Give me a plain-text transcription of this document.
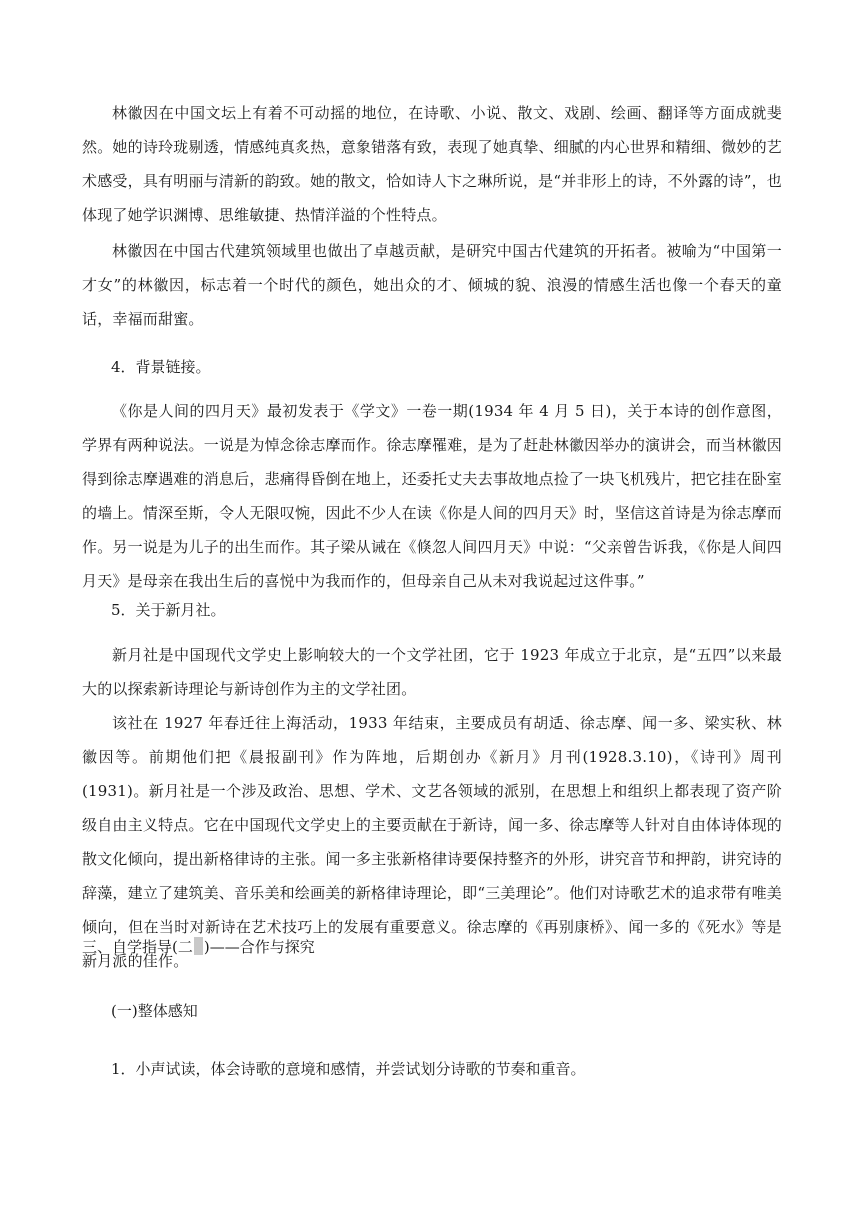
林徽因在中国文坛上有着不可动摇的地位，在诗歌、小说、散文、戏剧、绘画、翻译等方面成就斐然。她的诗玲珑剔透，情感纯真炙热，意象错落有致，表现了她真挚、细腻的内心世界和精细、微妙的艺术感受，具有明丽与清新的韵致。她的散文，恰如诗人卞之琳所说，是“并非形上的诗，不外露的诗”，也体现了她学识渊博、思维敏捷、热情洋溢的个性特点。

林徽因在中国古代建筑领域里也做出了卓越贡献，是研究中国古代建筑的开拓者。被喻为“中国第一才女”的林徽因，标志着一个时代的颜色，她出众的才、倾城的貌、浪漫的情感生活也像一个春天的童话，幸福而甜蜜。

4．背景链接。

《你是人间的四月天》最初发表于《学文》一卷一期(1934 年 4 月 5 日)，关于本诗的创作意图，学界有两种说法。一说是为悼念徐志摩而作。徐志摩罹难，是为了赶赴林徽因举办的演讲会，而当林徽因得到徐志摩遇难的消息后，悲痛得昏倒在地上，还委托丈夫去事故地点捡了一块飞机残片，把它挂在卧室的墙上。情深至斯，令人无限叹惋，因此不少人在读《你是人间的四月天》时，坚信这首诗是为徐志摩而作。另一说是为儿子的出生而作。其子梁从诫在《倏忽人间四月天》中说：“父亲曾告诉我，《你是人间四月天》是母亲在我出生后的喜悦中为我而作的，但母亲自己从未对我说起过这件事。”

5．关于新月社。

新月社是中国现代文学史上影响较大的一个文学社团，它于 1923 年成立于北京，是“五四”以来最大的以探索新诗理论与新诗创作为主的文学社团。

该社在 1927 年春迁往上海活动，1933 年结束，主要成员有胡适、徐志摩、闻一多、梁实秋、林徽因等。前期他们把《晨报副刊》作为阵地，后期创办《新月》月刊(1928.3.10)，《诗刊》周刊(1931)。新月社是一个涉及政治、思想、学术、文艺各领域的派别，在思想上和组织上都表现了资产阶级自由主义特点。它在中国现代文学史上的主要贡献在于新诗，闻一多、徐志摩等人针对自由体诗体现的散文化倾向，提出新格律诗的主张。闻一多主张新格律诗要保持整齐的外形，讲究音节和押韵，讲究诗的辞藻，建立了建筑美、音乐美和绘画美的新格律诗理论，即“三美理论”。他们对诗歌艺术的追求带有唯美倾向，但在当时对新诗在艺术技巧上的发展有重要意义。徐志摩的《再别康桥》、闻一多的《死水》等是新月派的佳作。

三、自学指导(二 )——合作与探究

(一)整体感知

1．小声试读，体会诗歌的意境和感情，并尝试划分诗歌的节奏和重音。
